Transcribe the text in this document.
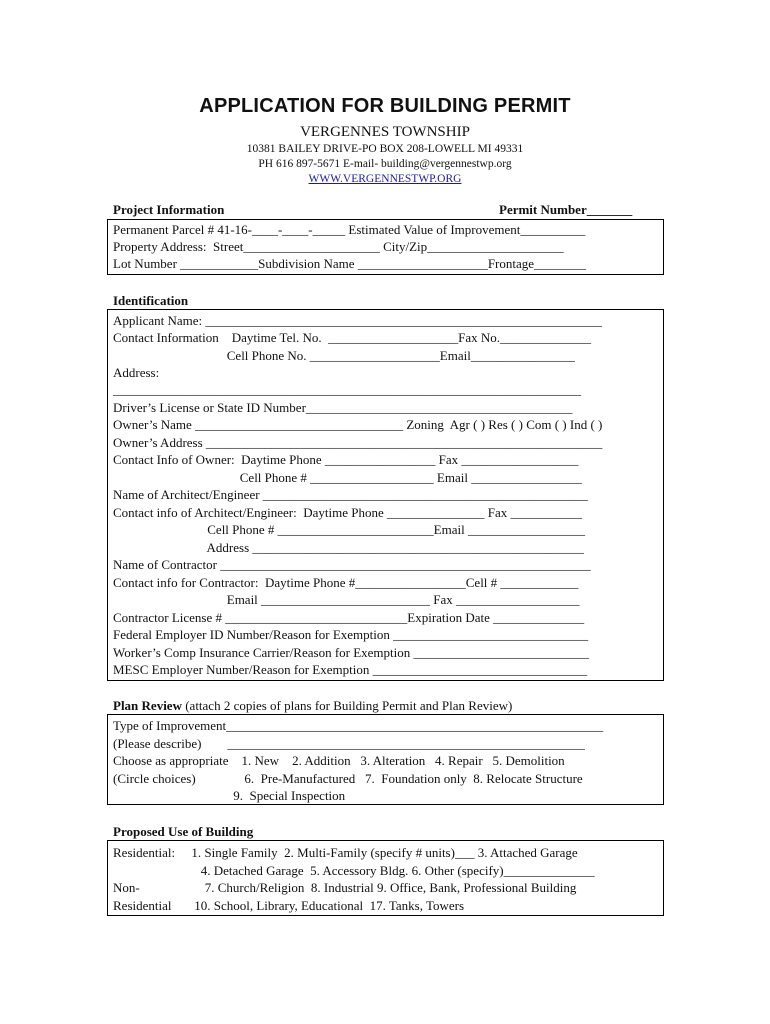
APPLICATION FOR BUILDING PERMIT
VERGENNES TOWNSHIP
10381 BAILEY DRIVE-PO BOX 208-LOWELL MI 49331
PH 616 897-5671 E-mail- building@vergennestwp.org
WWW.VERGENNESTWP.ORG
Project Information	Permit Number_______
Permanent Parcel # 41-16-____-____-_____ Estimated Value of Improvement__________
Property Address:  Street_____________________ City/Zip_____________________
Lot Number ____________Subdivision Name ____________________Frontage________
Identification
Applicant Name: _____________________________________________________________
Contact Information    Daytime Tel. No.  ____________________Fax No.______________
Cell Phone No. ____________________Email________________
Address:
________________________________________________________________________
Driver’s License or State ID Number_________________________________________
Owner’s Name ________________________________ Zoning  Agr ( ) Res ( ) Com ( ) Ind ( )
Owner’s Address _____________________________________________________________
Contact Info of Owner:  Daytime Phone _________________ Fax __________________
Cell Phone # ___________________ Email _________________
Name of Architect/Engineer __________________________________________________
Contact info of Architect/Engineer:  Daytime Phone _______________ Fax ___________
Cell Phone # ________________________Email __________________
Address ___________________________________________________
Name of Contractor _________________________________________________________
Contact info for Contractor:  Daytime Phone #_________________Cell # ____________
Email __________________________ Fax ___________________
Contractor License # ____________________________Expiration Date ______________
Federal Employer ID Number/Reason for Exemption ______________________________
Worker’s Comp Insurance Carrier/Reason for Exemption ___________________________
MESC Employer Number/Reason for Exemption _________________________________
Plan Review (attach 2 copies of plans for Building Permit and Plan Review)
Type of Improvement__________________________________________________________
(Please describe)        _______________________________________________________
Choose as appropriate    1. New    2. Addition   3. Alteration   4. Repair   5. Demolition
(Circle choices)               6.  Pre-Manufactured   7.  Foundation only  8. Relocate Structure
9.  Special Inspection
Proposed Use of Building
Residential:     1. Single Family  2. Multi-Family (specify # units)___ 3. Attached Garage
4. Detached Garage  5. Accessory Bldg. 6. Other (specify)______________
Non-                    7. Church/Religion  8. Industrial 9. Office, Bank, Professional Building
Residential       10. School, Library, Educational  17. Tanks, Towers
